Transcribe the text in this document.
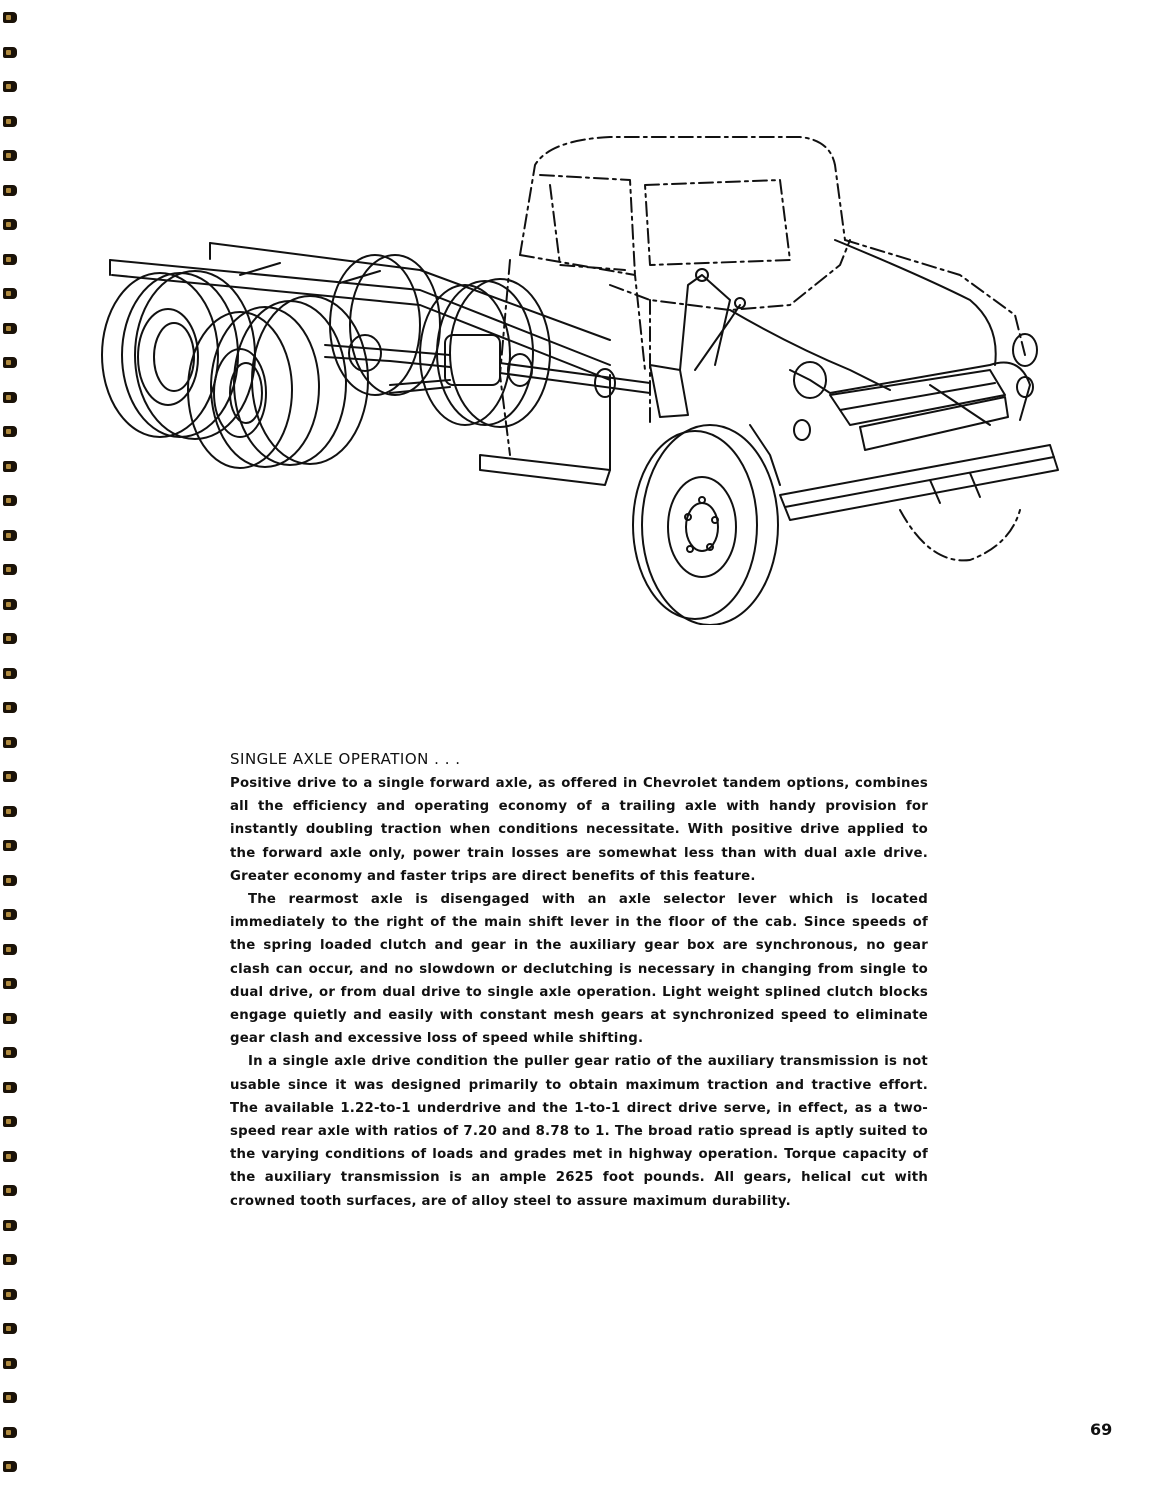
SINGLE AXLE OPERATION . . .

Positive drive to a single forward axle, as offered in Chevrolet tandem options, combines all the efficiency and operating economy of a trailing axle with handy provision for instantly doubling traction when conditions necessitate. With positive drive applied to the forward axle only, power train losses are somewhat less than with dual axle drive. Greater economy and faster trips are direct benefits of this feature.

The rearmost axle is disengaged with an axle selector lever which is located immediately to the right of the main shift lever in the floor of the cab. Since speeds of the spring loaded clutch and gear in the auxiliary gear box are synchronous, no gear clash can occur, and no slowdown or declutching is necessary in changing from single to dual drive, or from dual drive to single axle operation. Light weight splined clutch blocks engage quietly and easily with constant mesh gears at synchronized speed to eliminate gear clash and excessive loss of speed while shifting.

In a single axle drive condition the puller gear ratio of the auxiliary transmission is not usable since it was designed primarily to obtain maximum traction and tractive effort. The available 1.22-to-1 underdrive and the 1-to-1 direct drive serve, in effect, as a two-speed rear axle with ratios of 7.20 and 8.78 to 1. The broad ratio spread is aptly suited to the varying conditions of loads and grades met in highway operation. Torque capacity of the auxiliary transmission is an ample 2625 foot pounds. All gears, helical cut with crowned tooth surfaces, are of alloy steel to assure maximum durability.

69
